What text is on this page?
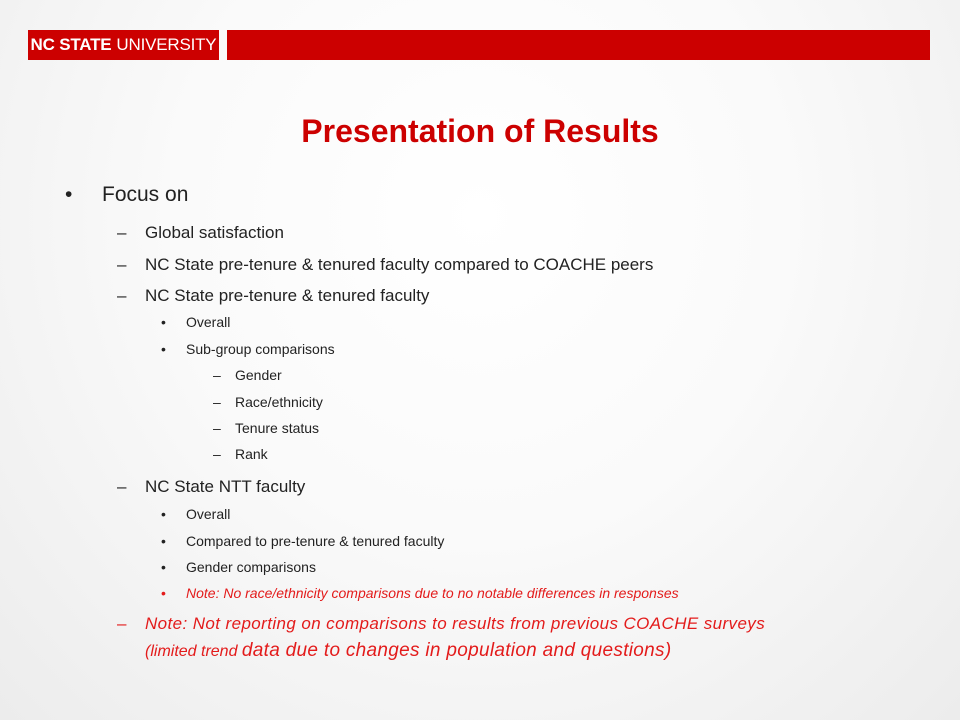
NC STATE UNIVERSITY
Presentation of Results
• Focus on
– Global satisfaction
– NC State pre-tenure & tenured faculty compared to COACHE peers
– NC State pre-tenure & tenured faculty
• Overall
• Sub-group comparisons
– Gender
– Race/ethnicity
– Tenure status
– Rank
– NC State NTT faculty
• Overall
• Compared to pre-tenure & tenured faculty
• Gender comparisons
• Note: No race/ethnicity comparisons due to no notable differences in responses
– Note: Not reporting on comparisons to results from previous COACHE surveys
(limited trend data due to changes in population and questions)
